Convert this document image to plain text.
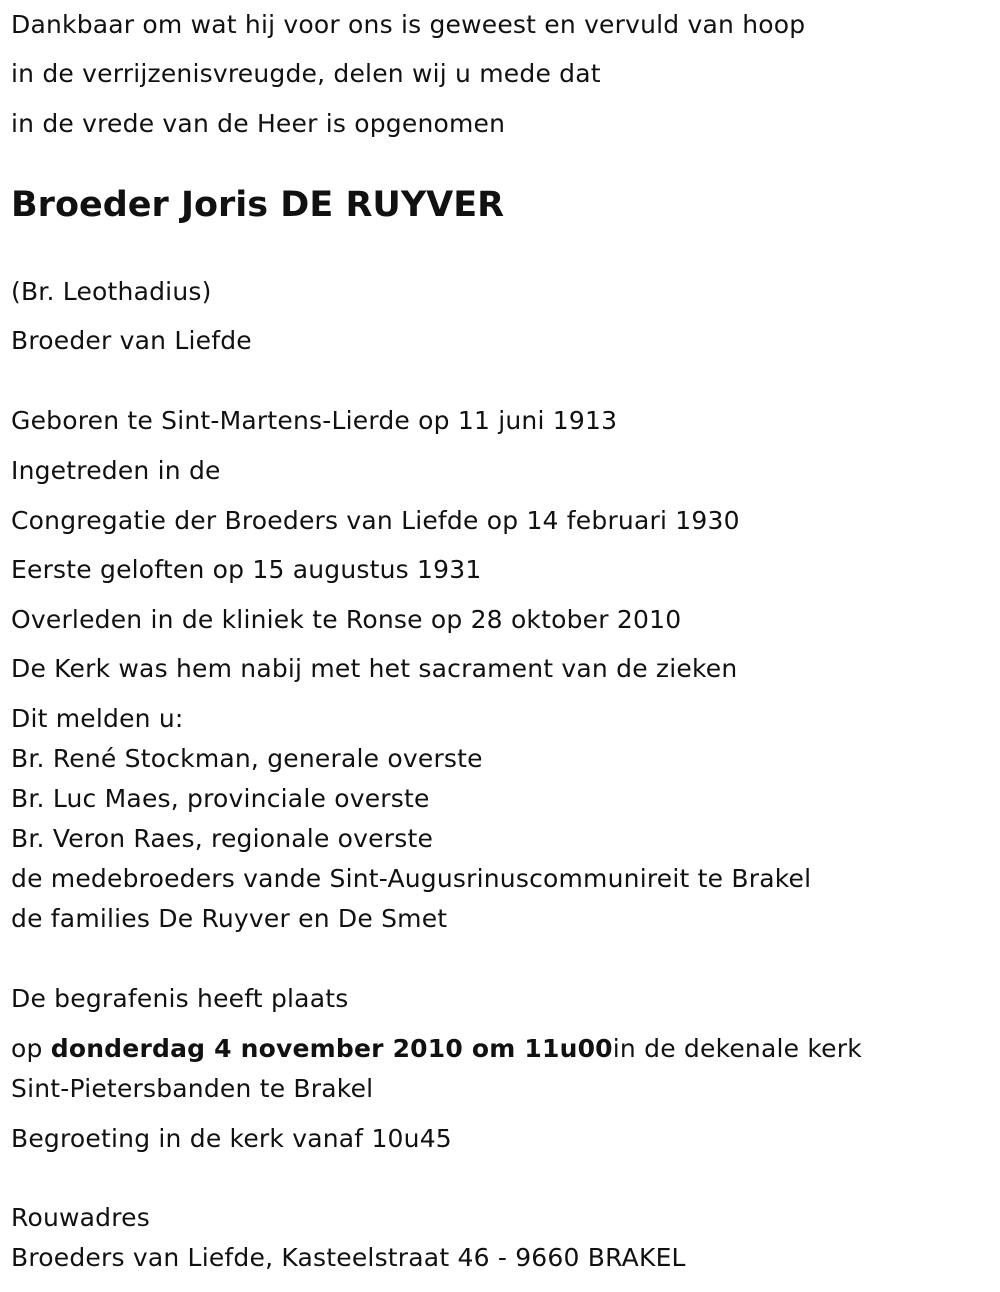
Dankbaar om wat hij voor ons is geweest en vervuld van hoop
in de verrijzenisvreugde, delen wij u mede dat
in de vrede van de Heer is opgenomen
Broeder Joris DE RUYVER
(Br. Leothadius)
Broeder van Liefde
Geboren te Sint-Martens-Lierde op 11 juni 1913
Ingetreden in de
Congregatie der Broeders van Liefde op 14 februari 1930
Eerste geloften op 15 augustus 1931
Overleden in de kliniek te Ronse op 28 oktober 2010
De Kerk was hem nabij met het sacrament van de zieken
Dit melden u:
Br. René Stockman, generale overste
Br. Luc Maes, provinciale overste
Br. Veron Raes, regionale overste
de medebroeders vande Sint-Augusrinuscommunireit te Brakel
de families De Ruyver en De Smet
De begrafenis heeft plaats
op donderdag 4 november 2010 om 11u00in de dekenale kerk
Sint-Pietersbanden te Brakel
Begroeting in de kerk vanaf 10u45
Rouwadres
Broeders van Liefde, Kasteelstraat 46 - 9660 BRAKEL
